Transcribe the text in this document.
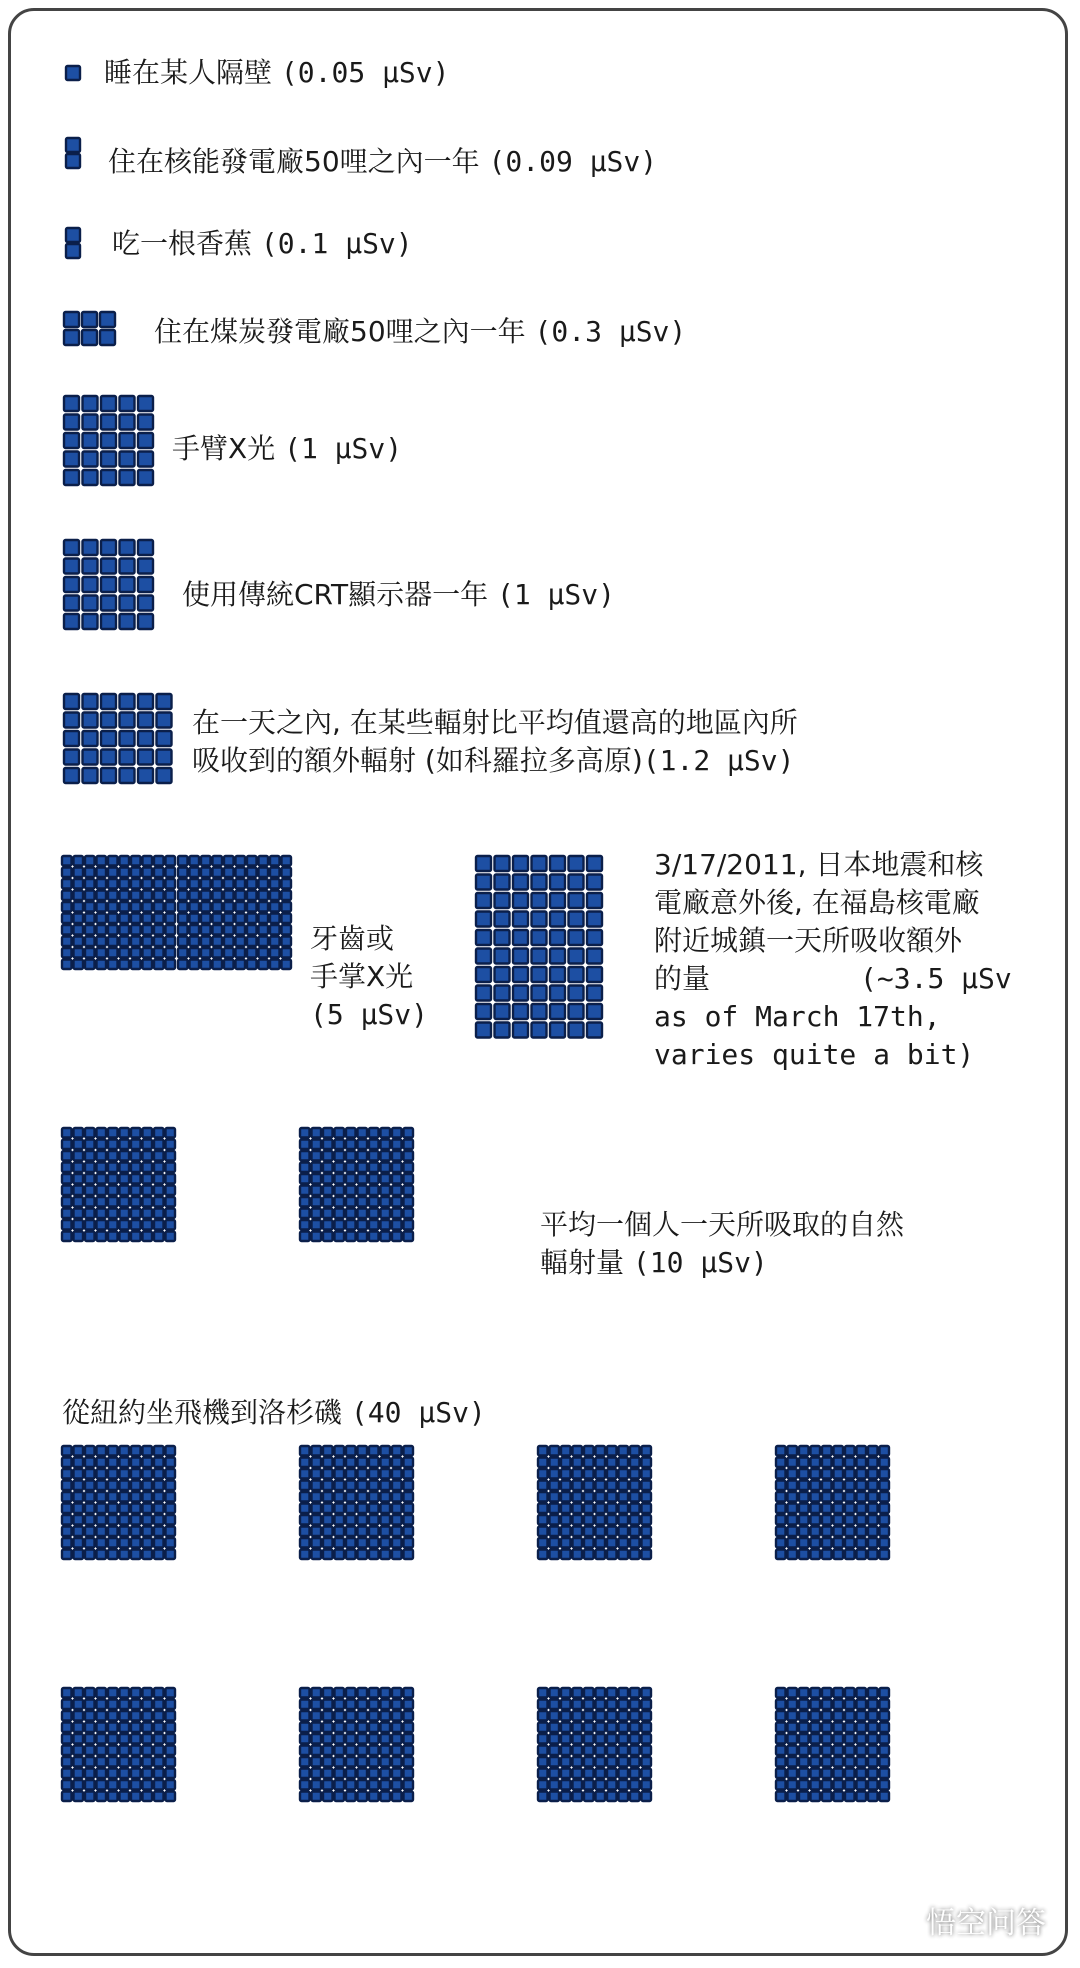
睡在某人隔壁 (0.05 μSv)
住在核能發電廠50哩之內一年 (0.09 μSv)
吃一根香蕉 (0.1 μSv)
住在煤炭發電廠50哩之內一年 (0.3 μSv)
手臂X光 (1 μSv)
使用傳統CRT顯示器一年 (1 μSv)
在一天之內, 在某些輻射比平均值還高的地區內所
吸收到的額外輻射 (如科羅拉多高原)(1.2 μSv)
牙齒或
手掌X光
(5 μSv)
3/17/2011, 日本地震和核
電廠意外後, 在福島核電廠
附近城鎮一天所吸收額外
的量	(~3.5 μSv
as of March 17th,
varies quite a bit)
平均一個人一天所吸取的自然
輻射量 (10 μSv)
從紐約坐飛機到洛杉磯 (40 μSv)
悟空问答
